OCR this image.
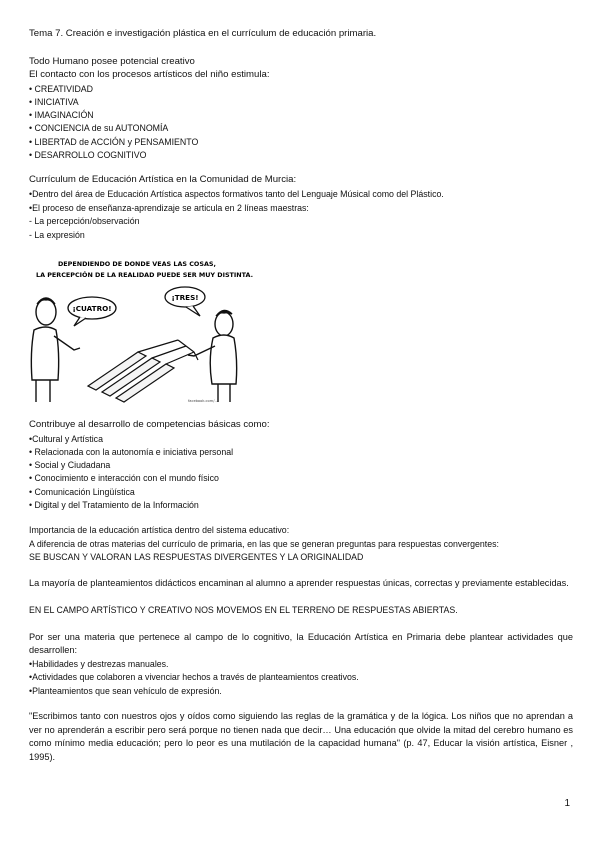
Tema 7. Creación e investigación plástica en el currículum de educación primaria.
Todo Humano posee potencial creativo
El contacto con los procesos artísticos del niño estimula:
• CREATIVIDAD
• INICIATIVA
• IMAGINACIÓN
• CONCIENCIA de su AUTONOMÍA
• LIBERTAD de ACCIÓN y PENSAMIENTO
• DESARROLLO COGNITIVO
Currículum de Educación Artística en la Comunidad de Murcia:
•Dentro del área de Educación Artística aspectos formativos tanto del Lenguaje Músical como del Plástico.
•El proceso de enseñanza-aprendizaje se articula en 2 líneas maestras:
- La percepción/observación
- La expresión
DEPENDIENDO DE DONDE VEAS LAS COSAS,
LA PERCEPCIÓN DE LA REALIDAD PUEDE SER MUY DISTINTA.
¡CUATRO!
¡TRES!
facebook.com/...
Contribuye al desarrollo de competencias básicas como:
•Cultural y Artística
• Relacionada con la autonomía e iniciativa personal
• Social y Ciudadana
• Conocimiento e interacción con el mundo físico
• Comunicación Lingüística
• Digital y del Tratamiento de la Información
Importancia de la educación artística dentro del sistema educativo:
A diferencia de otras materias del currículo de primaria, en las que se generan preguntas para respuestas convergentes:
SE BUSCAN Y VALORAN LAS RESPUESTAS DIVERGENTES Y LA ORIGINALIDAD
La mayoría de planteamientos didácticos encaminan al alumno a aprender respuestas únicas, correctas y previamente establecidas.
EN EL CAMPO ARTÍSTICO Y CREATIVO NOS MOVEMOS EN EL TERRENO DE RESPUESTAS ABIERTAS.
Por ser una materia que pertenece al campo de lo cognitivo, la Educación Artística en Primaria debe plantear actividades que desarrollen:
•Habilidades y destrezas manuales.
•Actividades que colaboren a vivenciar hechos a través de planteamientos creativos.
•Planteamientos que sean vehículo de expresión.
"Escribimos tanto con nuestros ojos y oídos como siguiendo las reglas de la gramática y de la lógica. Los niños que no aprendan a ver no aprenderán a escribir pero será porque no tienen nada que decir… Una educación que olvide la mitad del cerebro humano es como mínimo media educación; pero lo peor es una mutilación de la capacidad humana" (p. 47, Educar la visión artística, Eisner , 1995).
1
